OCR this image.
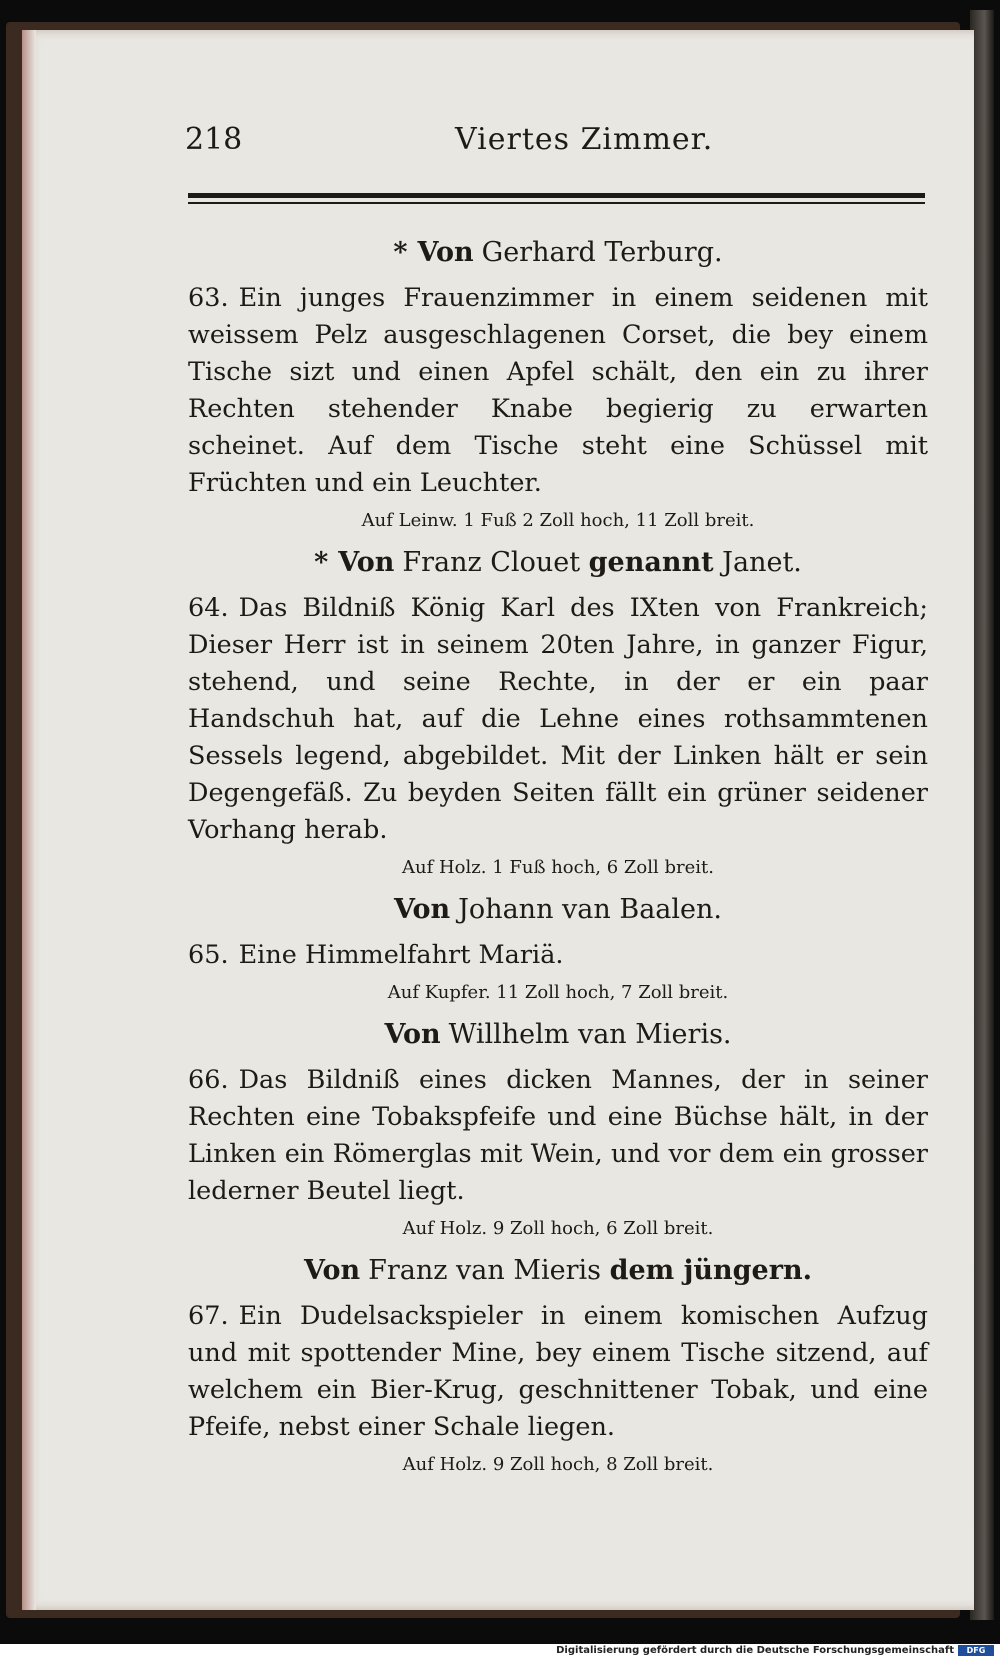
218	Viertes Zimmer.
* Von Gerhard Terburg.

63. Ein junges Frauenzimmer in einem seidenen mit weissem Pelz ausgeschlagenen Corset, die bey einem Tische sizt und einen Apfel schält, den ein zu ihrer Rechten stehender Knabe begierig zu erwarten scheinet. Auf dem Tische steht eine Schüssel mit Früchten und ein Leuchter.

Auf Leinw. 1 Fuß 2 Zoll hoch, 11 Zoll breit.
* Von Franz Clouet genannt Janet.

64. Das Bildniß König Karl des IXten von Frankreich; Dieser Herr ist in seinem 20ten Jahre, in ganzer Figur, stehend, und seine Rechte, in der er ein paar Handschuh hat, auf die Lehne eines rothsammtenen Sessels legend, abgebildet. Mit der Linken hält er sein Degengefäß. Zu beyden Seiten fällt ein grüner seidener Vorhang herab.

Auf Holz. 1 Fuß hoch, 6 Zoll breit.
Von Johann van Baalen.

65. Eine Himmelfahrt Mariä.

Auf Kupfer. 11 Zoll hoch, 7 Zoll breit.
Von Willhelm van Mieris.

66. Das Bildniß eines dicken Mannes, der in seiner Rechten eine Tobakspfeife und eine Büchse hält, in der Linken ein Römerglas mit Wein, und vor dem ein grosser lederner Beutel liegt.

Auf Holz. 9 Zoll hoch, 6 Zoll breit.
Von Franz van Mieris dem jüngern.

67. Ein Dudelsackspieler in einem komischen Aufzug und mit spottender Mine, bey einem Tische sitzend, auf welchem ein Bier-Krug, geschnittener Tobak, und eine Pfeife, nebst einer Schale liegen.

Auf Holz. 9 Zoll hoch, 8 Zoll breit.
Digitalisierung gefördert durch die Deutsche Forschungsgemeinschaft	DFG
